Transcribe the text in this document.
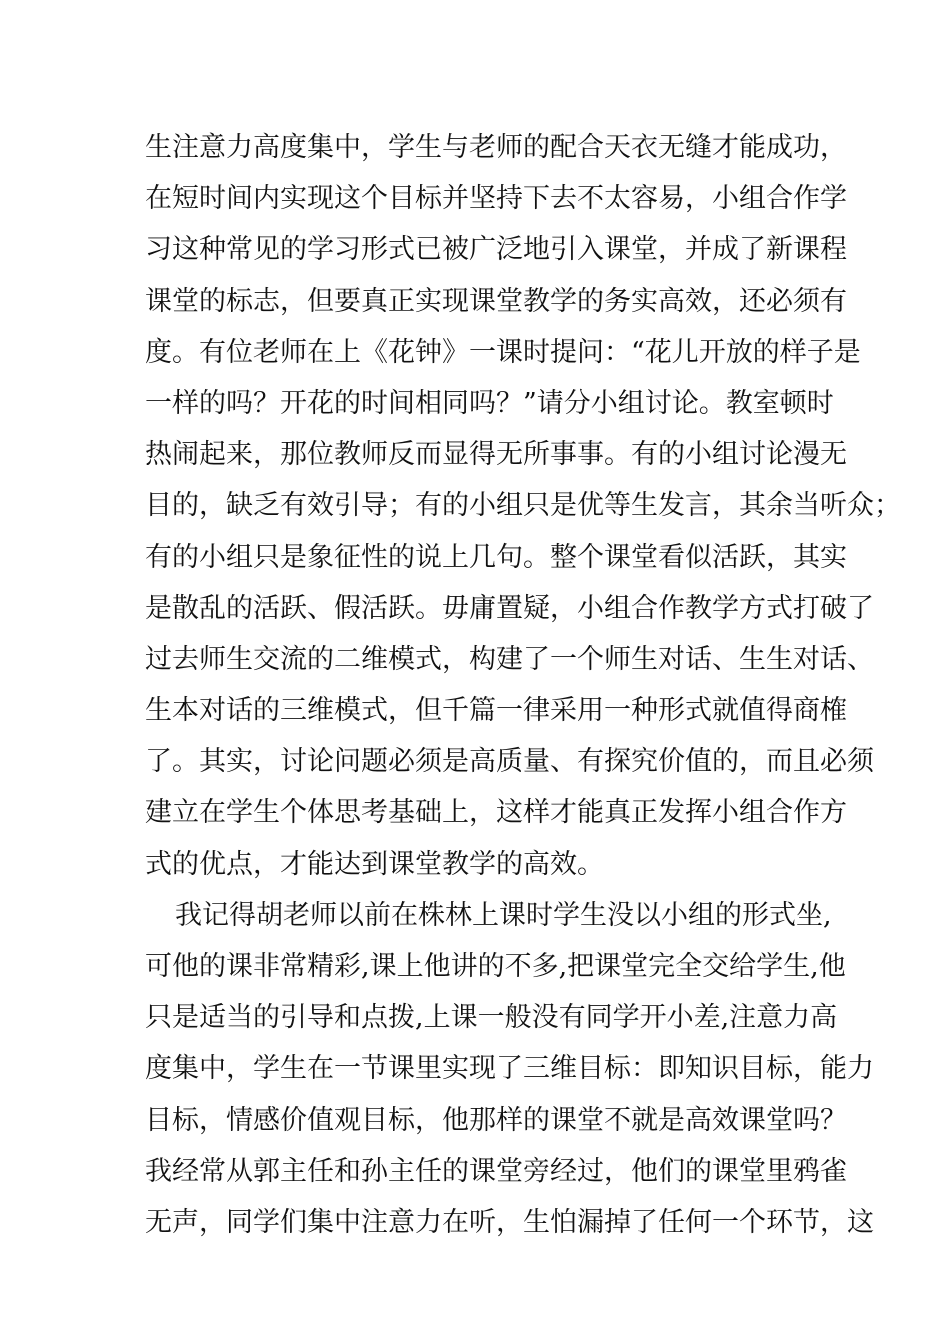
生注意力高度集中，学生与老师的配合天衣无缝才能成功，
在短时间内实现这个目标并坚持下去不太容易，小组合作学
习这种常见的学习形式已被广泛地引入课堂，并成了新课程
课堂的标志，但要真正实现课堂教学的务实高效，还必须有
度。有位老师在上《花钟》一课时提问：“花儿开放的样子是
一样的吗？开花的时间相同吗？”请分小组讨论。教室顿时
热闹起来，那位教师反而显得无所事事。有的小组讨论漫无
目的，缺乏有效引导；有的小组只是优等生发言，其余当听众；
有的小组只是象征性的说上几句。整个课堂看似活跃，其实
是散乱的活跃、假活跃。毋庸置疑，小组合作教学方式打破了
过去师生交流的二维模式，构建了一个师生对话、生生对话、
生本对话的三维模式，但千篇一律采用一种形式就值得商榷
了。其实，讨论问题必须是高质量、有探究价值的，而且必须
建立在学生个体思考基础上，这样才能真正发挥小组合作方
式的优点，才能达到课堂教学的高效。
我记得胡老师以前在株林上课时学生没以小组的形式坐,
可他的课非常精彩,课上他讲的不多,把课堂完全交给学生,他
只是适当的引导和点拨,上课一般没有同学开小差,注意力高
度集中，学生在一节课里实现了三维目标：即知识目标，能力
目标，情感价值观目标，他那样的课堂不就是高效课堂吗？
我经常从郭主任和孙主任的课堂旁经过，他们的课堂里鸦雀
无声，同学们集中注意力在听，生怕漏掉了任何一个环节，这
